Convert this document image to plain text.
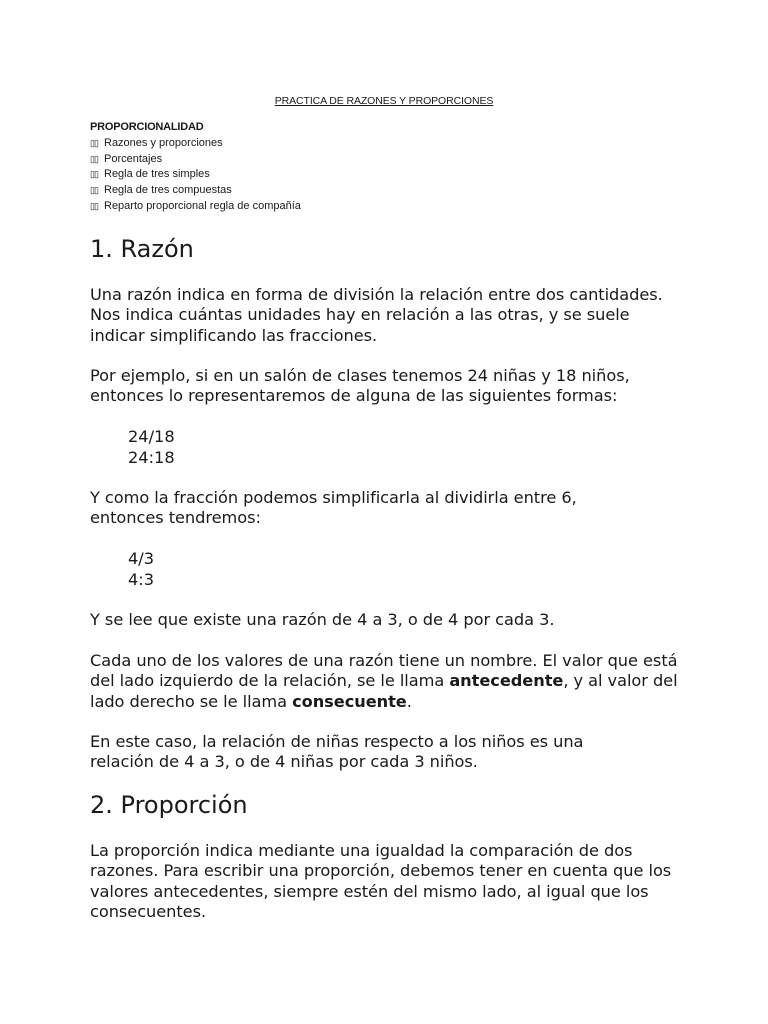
PRACTICA DE RAZONES Y PROPORCIONES
PROPORCIONALIDAD
▯▯ Razones y proporciones
▯▯ Porcentajes
▯▯ Regla de tres simples
▯▯ Regla de tres compuestas
▯▯ Reparto proporcional regla de compañía
1. Razón

Una razón indica en forma de división la relación entre dos cantidades. Nos indica cuántas unidades hay en relación a las otras, y se suele indicar simplificando las fracciones.

Por ejemplo, si en un salón de clases tenemos 24 niñas y 18 niños, entonces lo representaremos de alguna de las siguientes formas:

24/18
24:18

Y como la fracción podemos simplificarla al dividirla entre 6, entonces tendremos:

4/3
4:3

Y se lee que existe una razón de 4 a 3, o de 4 por cada 3.

Cada uno de los valores de una razón tiene un nombre. El valor que está del lado izquierdo de la relación, se le llama antecedente, y al valor del lado derecho se le llama consecuente.

En este caso, la relación de niñas respecto a los niños es una relación de 4 a 3, o de 4 niñas por cada 3 niños.

2. Proporción

La proporción indica mediante una igualdad la comparación de dos razones. Para escribir una proporción, debemos tener en cuenta que los valores antecedentes, siempre estén del mismo lado, al igual que los consecuentes.
